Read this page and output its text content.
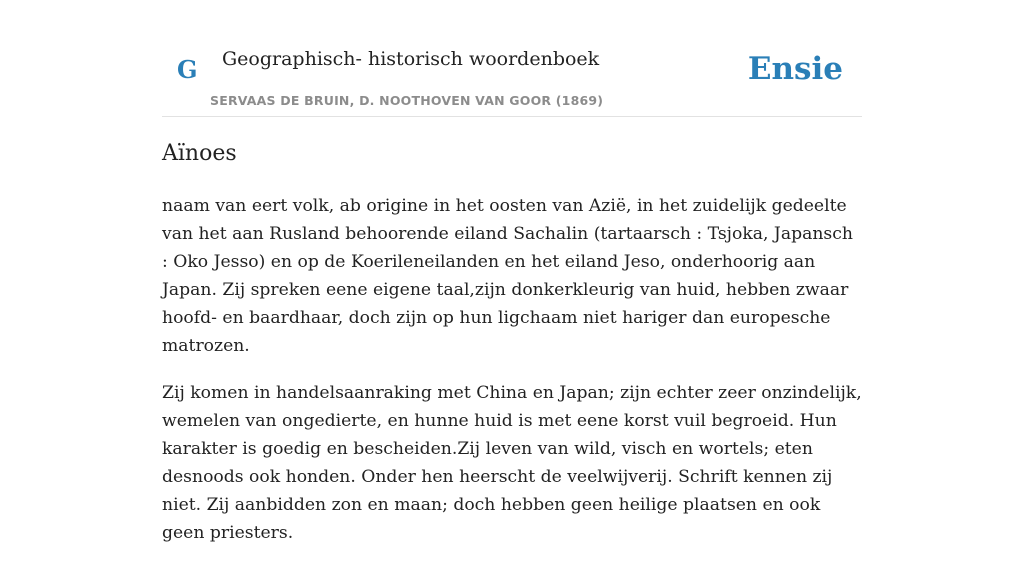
G Geographisch- historisch woordenboek
SERVAAS DE BRUIN, D. NOOTHOVEN VAN GOOR (1869)
Ensie
Aïnoes

naam van eert volk, ab origine in het oosten van Azië, in het zuidelijk gedeelte van het aan Rusland behoorende eiland Sachalin (tartaarsch : Tsjoka, Japansch : Oko Jesso) en op de Koerileneilanden en het eiland Jeso, onderhoorig aan Japan. Zij spreken eene eigene taal,zijn donkerkleurig van huid, hebben zwaar hoofd- en baardhaar, doch zijn op hun ligchaam niet hariger dan europesche matrozen.

Zij komen in handelsaanraking met China en Japan; zijn echter zeer onzindelijk, wemelen van ongedierte, en hunne huid is met eene korst vuil begroeid. Hun karakter is goedig en bescheiden.Zij leven van wild, visch en wortels; eten desnoods ook honden. Onder hen heerscht de veelwijverij. Schrift kennen zij niet. Zij aanbidden zon en maan; doch hebben geen heilige plaatsen en ook geen priesters.
